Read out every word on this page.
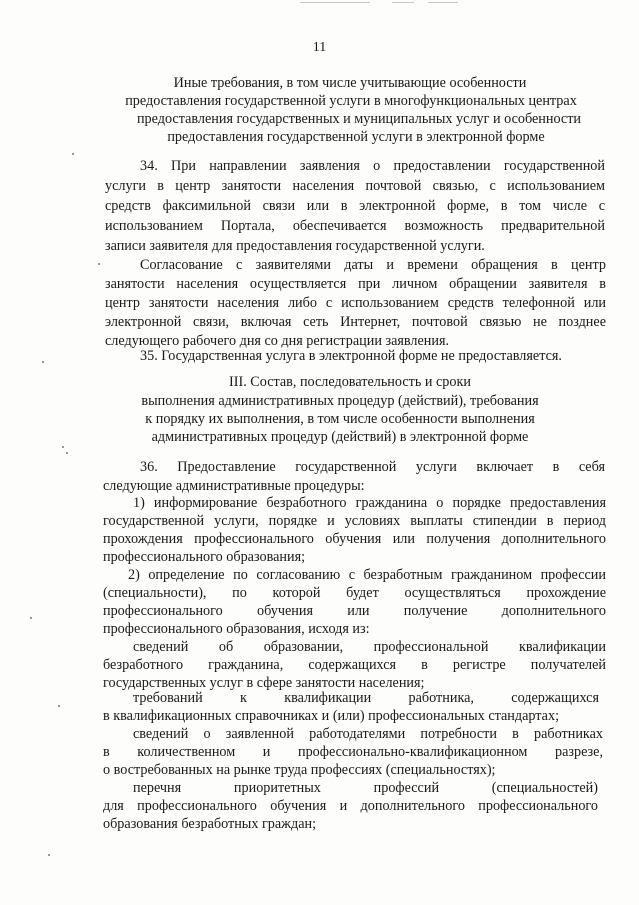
11
Иные требования, в том числе учитывающие особенности
предоставления государственной услуги в многофункциональных центрах
предоставления государственных и муниципальных услуг и особенности
предоставления государственной услуги в электронной форме
34. При направлении заявления о предоставлении государственной
услуги в центр занятости населения почтовой связью, с использованием
средств факсимильной связи или в электронной форме, в том числе с
использованием Портала, обеспечивается возможность предварительной
записи заявителя для предоставления государственной услуги.
Согласование с заявителями даты и времени обращения в центр
занятости населения осуществляется при личном обращении заявителя в
центр занятости населения либо с использованием средств телефонной или
электронной связи, включая сеть Интернет, почтовой связью не позднее
следующего рабочего дня со дня регистрации заявления.
35. Государственная услуга в электронной форме не предоставляется.
III. Состав, последовательность и сроки
выполнения административных процедур (действий), требования
к порядку их выполнения, в том числе особенности выполнения
административных процедур (действий) в электронной форме
36. Предоставление государственной услуги включает в себя
следующие административные процедуры:
1) информирование безработного гражданина о порядке предоставления
государственной услуги, порядке и условиях выплаты стипендии в период
прохождения профессионального обучения или получения дополнительного
профессионального образования;
2) определение по согласованию с безработным гражданином профессии
(специальности), по которой будет осуществляться прохождение
профессионального обучения или получение дополнительного
профессионального образования, исходя из:
сведений об образовании, профессиональной квалификации
безработного гражданина, содержащихся в регистре получателей
государственных услуг в сфере занятости населения;
требований к квалификации работника, содержащихся
в квалификационных справочниках и (или) профессиональных стандартах;
сведений о заявленной работодателями потребности в работниках
в количественном и профессионально-квалификационном разрезе,
о востребованных на рынке труда профессиях (специальностях);
перечня приоритетных профессий (специальностей)
для профессионального обучения и дополнительного профессионального
образования безработных граждан;
